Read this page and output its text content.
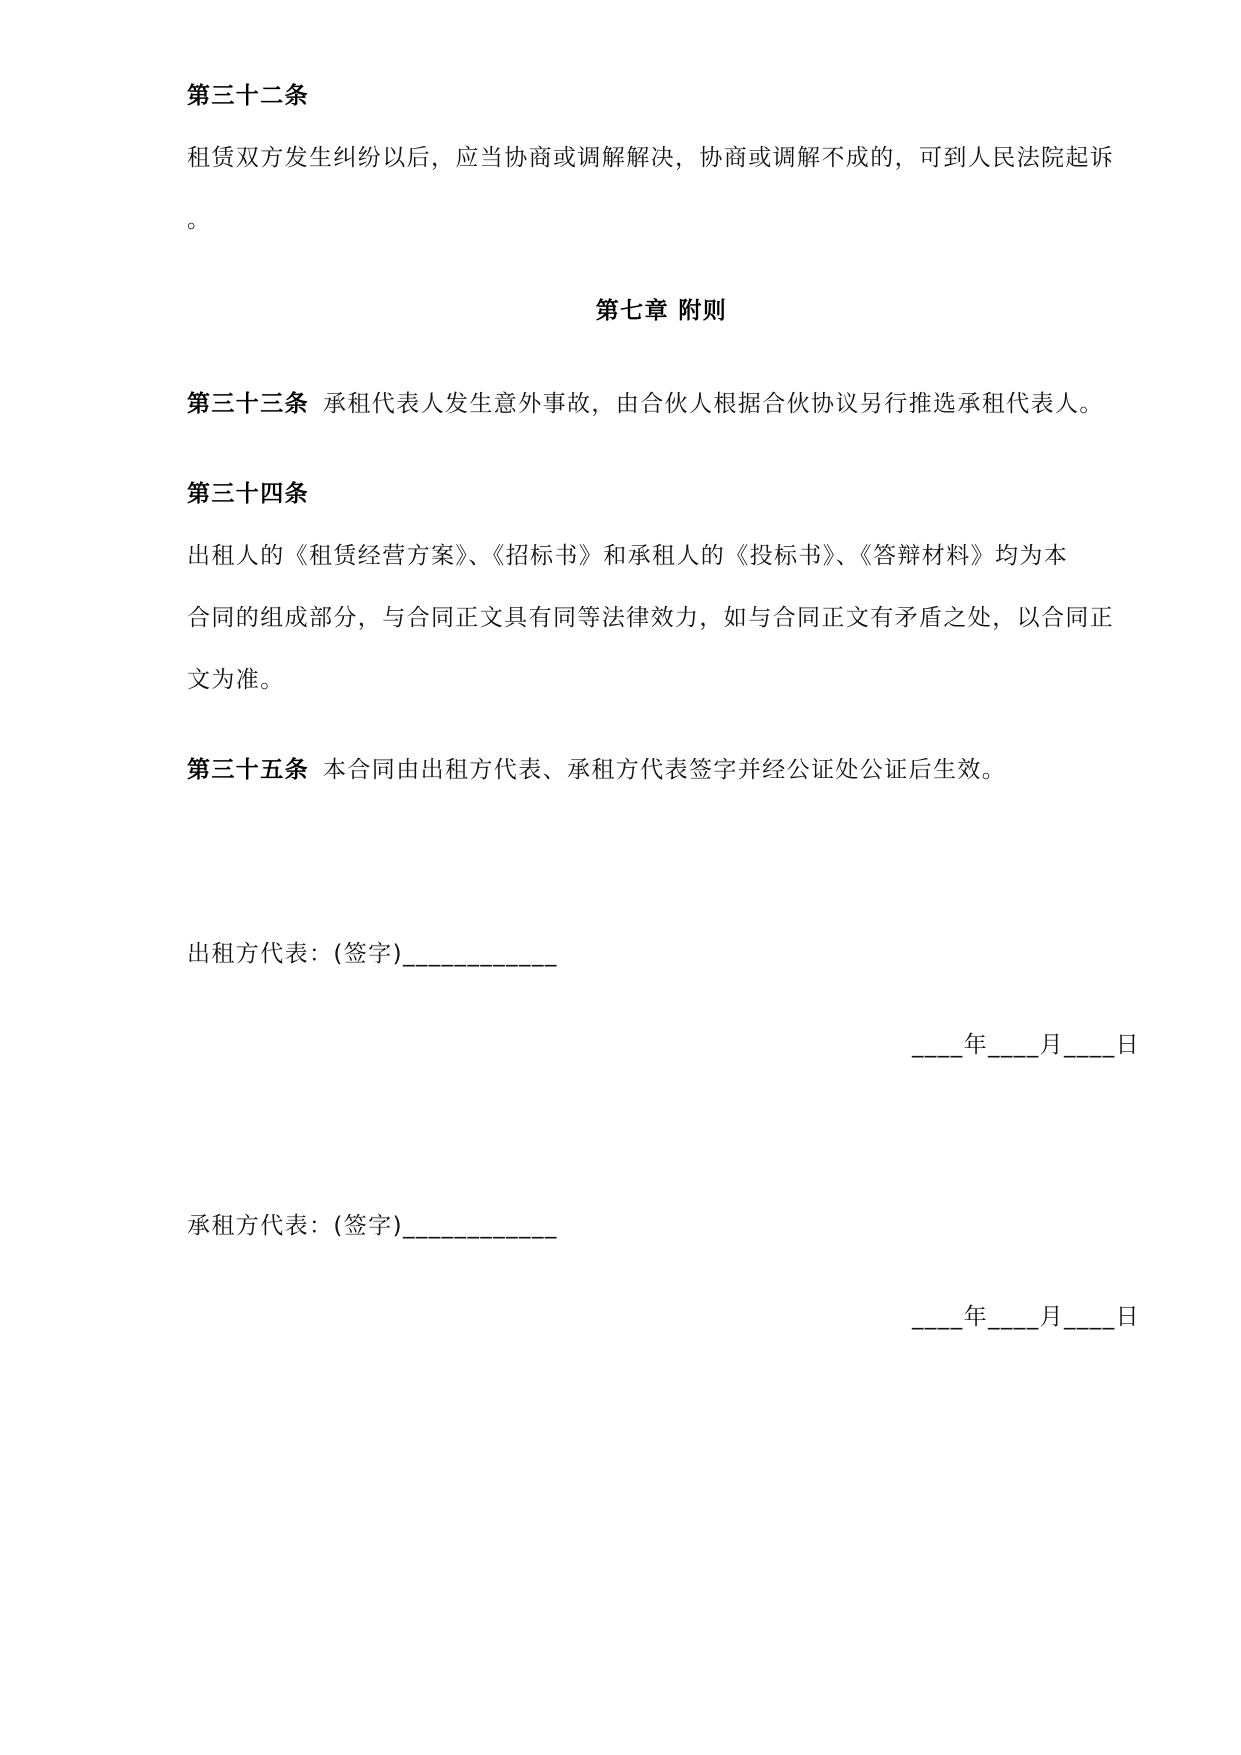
第三十二条
租赁双方发生纠纷以后，应当协商或调解解决，协商或调解不成的，可到人民法院起诉
。
第七章 附则
第三十三条 承租代表人发生意外事故，由合伙人根据合伙协议另行推选承租代表人。
第三十四条
出租人的《租赁经营方案》、《招标书》和承租人的《投标书》、《答辩材料》均为本
合同的组成部分，与合同正文具有同等法律效力，如与合同正文有矛盾之处，以合同正
文为准。
第三十五条 本合同由出租方代表、承租方代表签字并经公证处公证后生效。
出租方代表：(签字)____________
____年____月____日
承租方代表：(签字)____________
____年____月____日
